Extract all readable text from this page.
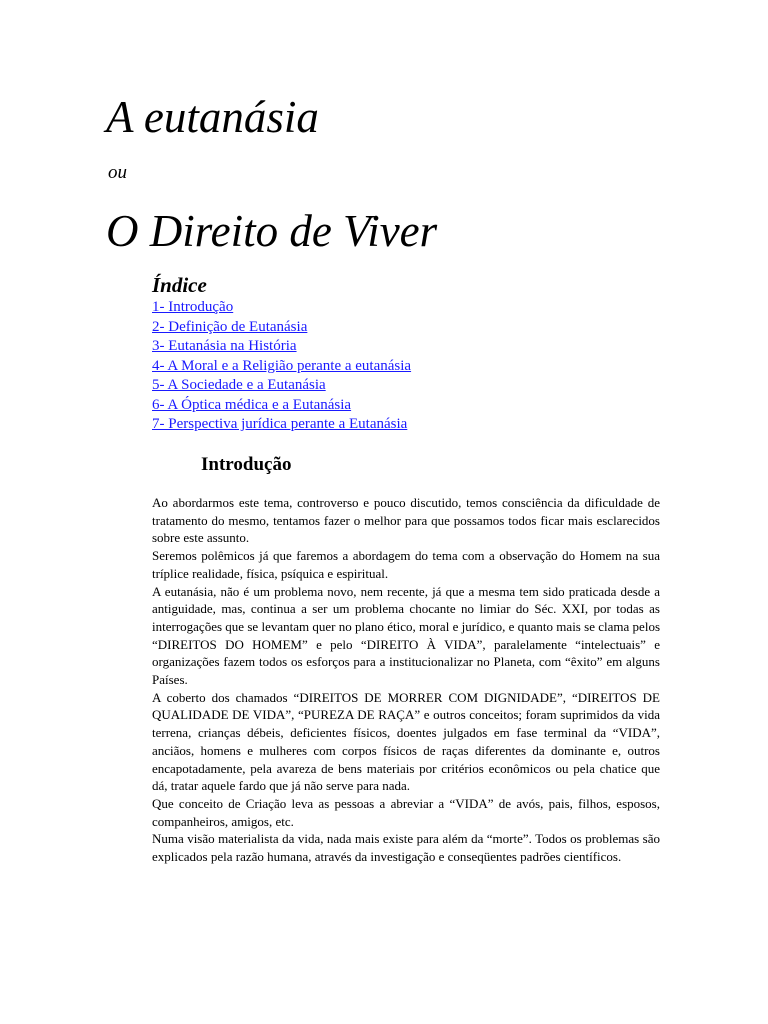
A eutanásia
ou
O Direito de Viver
Índice
1- Introdução
2- Definição de Eutanásia
3- Eutanásia na História
4- A Moral e a Religião perante a eutanásia
5- A Sociedade e a Eutanásia
6- A Óptica médica e a Eutanásia
7- Perspectiva jurídica perante a Eutanásia
Introdução

Ao abordarmos este tema, controverso e pouco discutido, temos consciência da dificuldade de tratamento do mesmo, tentamos fazer o melhor para que possamos todos ficar mais esclarecidos sobre este assunto.

Seremos polêmicos já que faremos a abordagem do tema com a observação do Homem na sua tríplice realidade, física, psíquica e espiritual.

A eutanásia, não é um problema novo, nem recente, já que a mesma tem sido praticada desde a antiguidade, mas, continua a ser um problema chocante no limiar do Séc. XXI, por todas as interrogações que se levantam quer no plano ético, moral e jurídico, e quanto mais se clama pelos “DIREITOS DO HOMEM” e pelo “DIREITO À VIDA”, paralelamente “intelectuais” e organizações fazem todos os esforços para a institucionalizar no Planeta, com “êxito” em alguns Países.

A coberto dos chamados “DIREITOS DE MORRER COM DIGNIDADE”, “DIREITOS DE QUALIDADE DE VIDA”, “PUREZA DE RAÇA” e outros conceitos; foram suprimidos da vida terrena, crianças débeis, deficientes físicos, doentes julgados em fase terminal da “VIDA”, anciãos, homens e mulheres com corpos físicos de raças diferentes da dominante e, outros encapotadamente, pela avareza de bens materiais por critérios econômicos ou pela chatice que dá, tratar aquele fardo que já não serve para nada.

Que conceito de Criação leva as pessoas a abreviar a “VIDA” de avós, pais, filhos, esposos, companheiros, amigos, etc.

Numa visão materialista da vida, nada mais existe para além da “morte”. Todos os problemas são explicados pela razão humana, através da investigação e conseqüentes padrões científicos.
